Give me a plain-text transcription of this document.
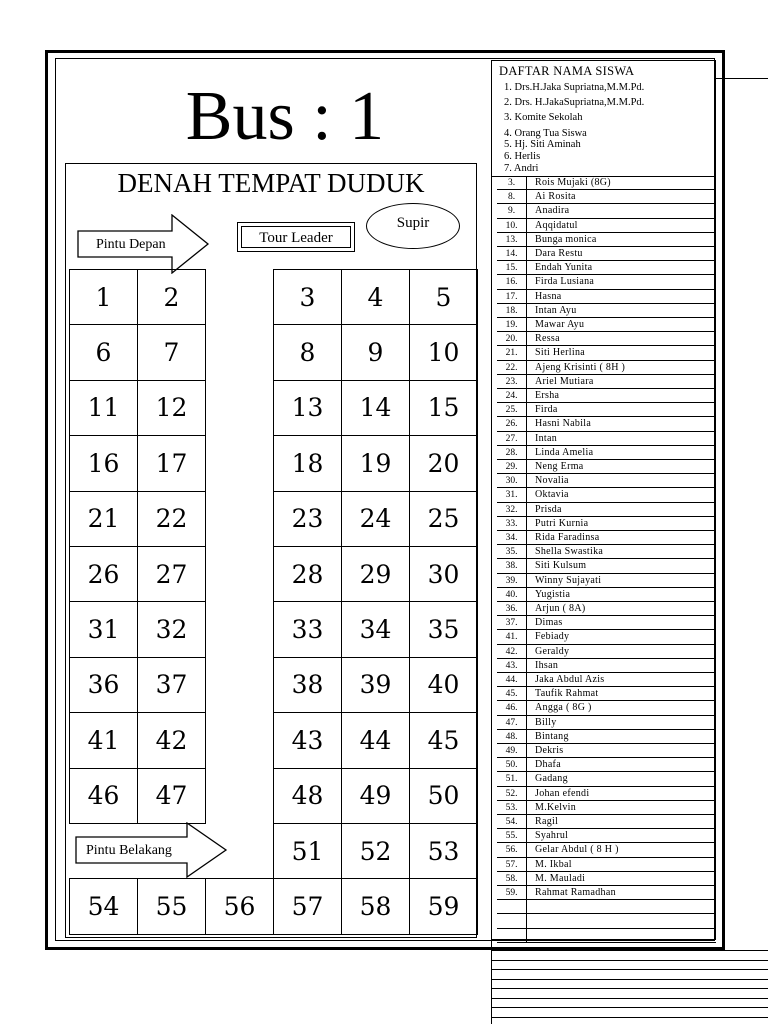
Bus : 1
DENAH TEMPAT DUDUK
Pintu Depan	Tour Leader
Supir
1	2	3	4	5
6	7	8	9	10
11	12	13	14	15
16	17	18	19	20
21	22	23	24	25
26	27	28	29	30
31	32	33	34	35
36	37	38	39	40
41	42	43	44	45
46	47	48	49	50
51	52	53
54	55	56	57	58	59
Pintu Belakang
DAFTAR NAMA SISWA
1. Drs.H.Jaka Supriatna,M.M.Pd.
2. Drs. H.JakaSupriatna,M.M.Pd.
3. Komite Sekolah
4. Orang Tua Siswa
5. Hj. Siti Aminah
6. Herlis
7. Andri
3.	Rois Mujaki (8G)
8.	Ai Rosita
9.	Anadira
10.	Aqqidatul
13.	Bunga monica
14.	Dara Restu
15.	Endah Yunita
16.	Firda Lusiana
17.	Hasna
18.	Intan Ayu
19.	Mawar Ayu
20.	Ressa
21.	Siti Herlina
22.	Ajeng Krisinti ( 8H )
23.	Ariel Mutiara
24.	Ersha
25.	Firda
26.	Hasni Nabila
27.	Intan
28.	Linda Amelia
29.	Neng Erma
30.	Novalia
31.	Oktavia
32.	Prisda
33.	Putri Kurnia
34.	Rida Faradinsa
35.	Shella Swastika
38.	Siti Kulsum
39.	Winny Sujayati
40.	Yugistia
36.	Arjun ( 8A)
37.	Dimas
41.	Febiady
42.	Geraldy
43.	Ihsan
44.	Jaka Abdul Azis
45.	Taufik Rahmat
46.	Angga ( 8G )
47.	Billy
48.	Bintang
49.	Dekris
50.	Dhafa
51.	Gadang
52.	Johan efendi
53.	M.Kelvin
54.	Ragil
55.	Syahrul
56.	Gelar Abdul ( 8 H )
57.	M. Ikbal
58.	M. Mauladi
59.	Rahmat Ramadhan
